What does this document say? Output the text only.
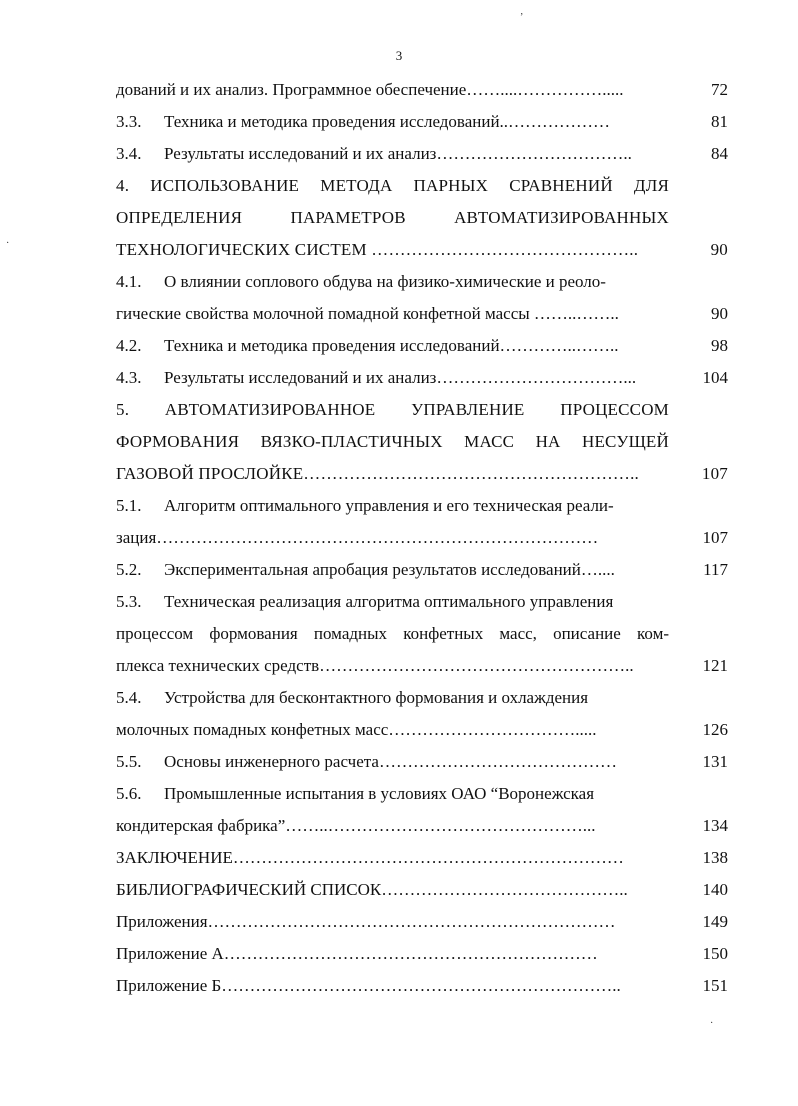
3
дований и их анализ. Программное обеспечение……....…………….....	72
3.3. Техника и методика проведения исследований..………………	81
3.4. Результаты исследований и их анализ……………………………..	84
4. ИСПОЛЬЗОВАНИЕ МЕТОДА ПАРНЫХ СРАВНЕНИЙ ДЛЯ
ОПРЕДЕЛЕНИЯ ПАРАМЕТРОВ АВТОМАТИЗИРОВАННЫХ
ТЕХНОЛОГИЧЕСКИХ СИСТЕМ ………………………………………..	90
4.1. О влиянии соплового обдува на физико-химические и реоло-
гические свойства молочной помадной конфетной массы ……..……..	90
4.2. Техника и методика проведения исследований…………..……..	98
4.3. Результаты исследований и их анализ……………………………...	104
5. АВТОМАТИЗИРОВАННОЕ УПРАВЛЕНИЕ ПРОЦЕССОМ
ФОРМОВАНИЯ ВЯЗКО-ПЛАСТИЧНЫХ МАСС НА НЕСУЩЕЙ
ГАЗОВОЙ ПРОСЛОЙКЕ…………………………………………………..	107
5.1. Алгоритм оптимального управления и его техническая реали-
зация……………………………………………………………………	107
5.2. Экспериментальная апробация результатов исследований…....	117
5.3. Техническая реализация алгоритма оптимального управления
процессом формования помадных конфетных масс, описание ком-
плекса технических средств………………………………………………..	121
5.4. Устройства для бесконтактного формования и охлаждения
молочных помадных конфетных масс…………………………….....	126
5.5. Основы инженерного расчета……………………………………	131
5.6. Промышленные испытания в условиях ОАО “Воронежская
кондитерская фабрика”……..………………………………………...	134
ЗАКЛЮЧЕНИЕ……………………………………………………………	138
БИБЛИОГРАФИЧЕСКИЙ СПИСОК……………………………………..	140
Приложения………………………………………………………………	149
Приложение А…………………………………………………………	150
Приложение Б……………………………………………………………..	151
ʼ
·
·
